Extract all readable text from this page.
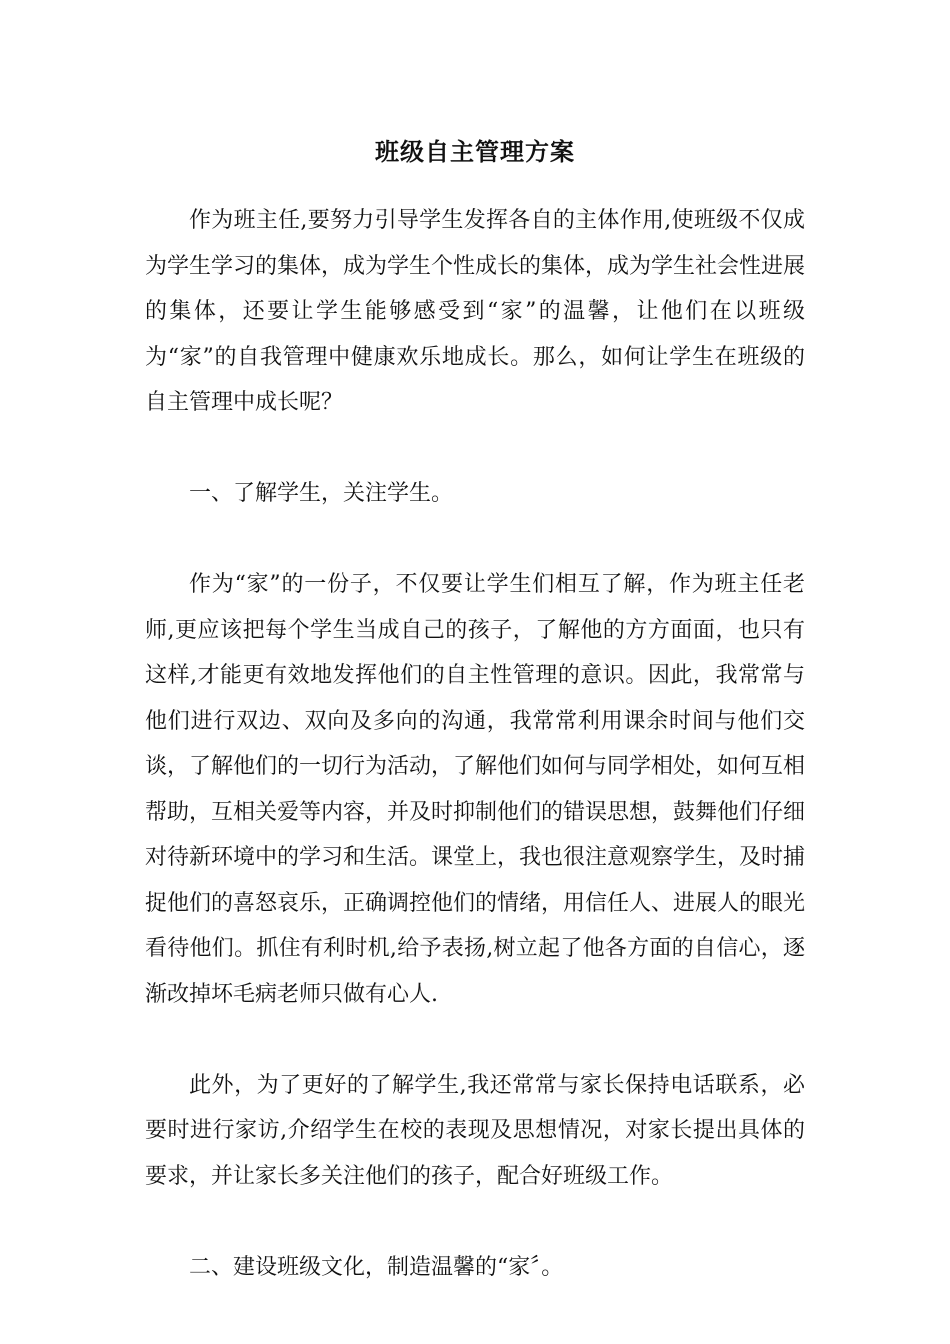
班级自主管理方案

作为班主任,要努力引导学生发挥各自的主体作用,使班级不仅成为学生学习的集体，成为学生个性成长的集体，成为学生社会性进展的集体，还要让学生能够感受到“家”的温馨，让他们在以班级为“家”的自我管理中健康欢乐地成长。那么，如何让学生在班级的自主管理中成长呢？

一、了解学生，关注学生。

作为“家”的一份子，不仅要让学生们相互了解，作为班主任老师,更应该把每个学生当成自己的孩子，了解他的方方面面，也只有这样,才能更有效地发挥他们的自主性管理的意识。因此，我常常与他们进行双边、双向及多向的沟通，我常常利用课余时间与他们交谈，了解他们的一切行为活动，了解他们如何与同学相处，如何互相帮助，互相关爱等内容，并及时抑制他们的错误思想，鼓舞他们仔细对待新环境中的学习和生活。课堂上，我也很注意观察学生，及时捕捉他们的喜怒哀乐，正确调控他们的情绪，用信任人、进展人的眼光看待他们。抓住有利时机,给予表扬,树立起了他各方面的自信心，逐渐改掉坏毛病老师只做有心人.

此外，为了更好的了解学生,我还常常与家长保持电话联系，必要时进行家访,介绍学生在校的表现及思想情况，对家长提出具体的要求，并让家长多关注他们的孩子，配合好班级工作。

二、建设班级文化，制造温馨的“家〞。
